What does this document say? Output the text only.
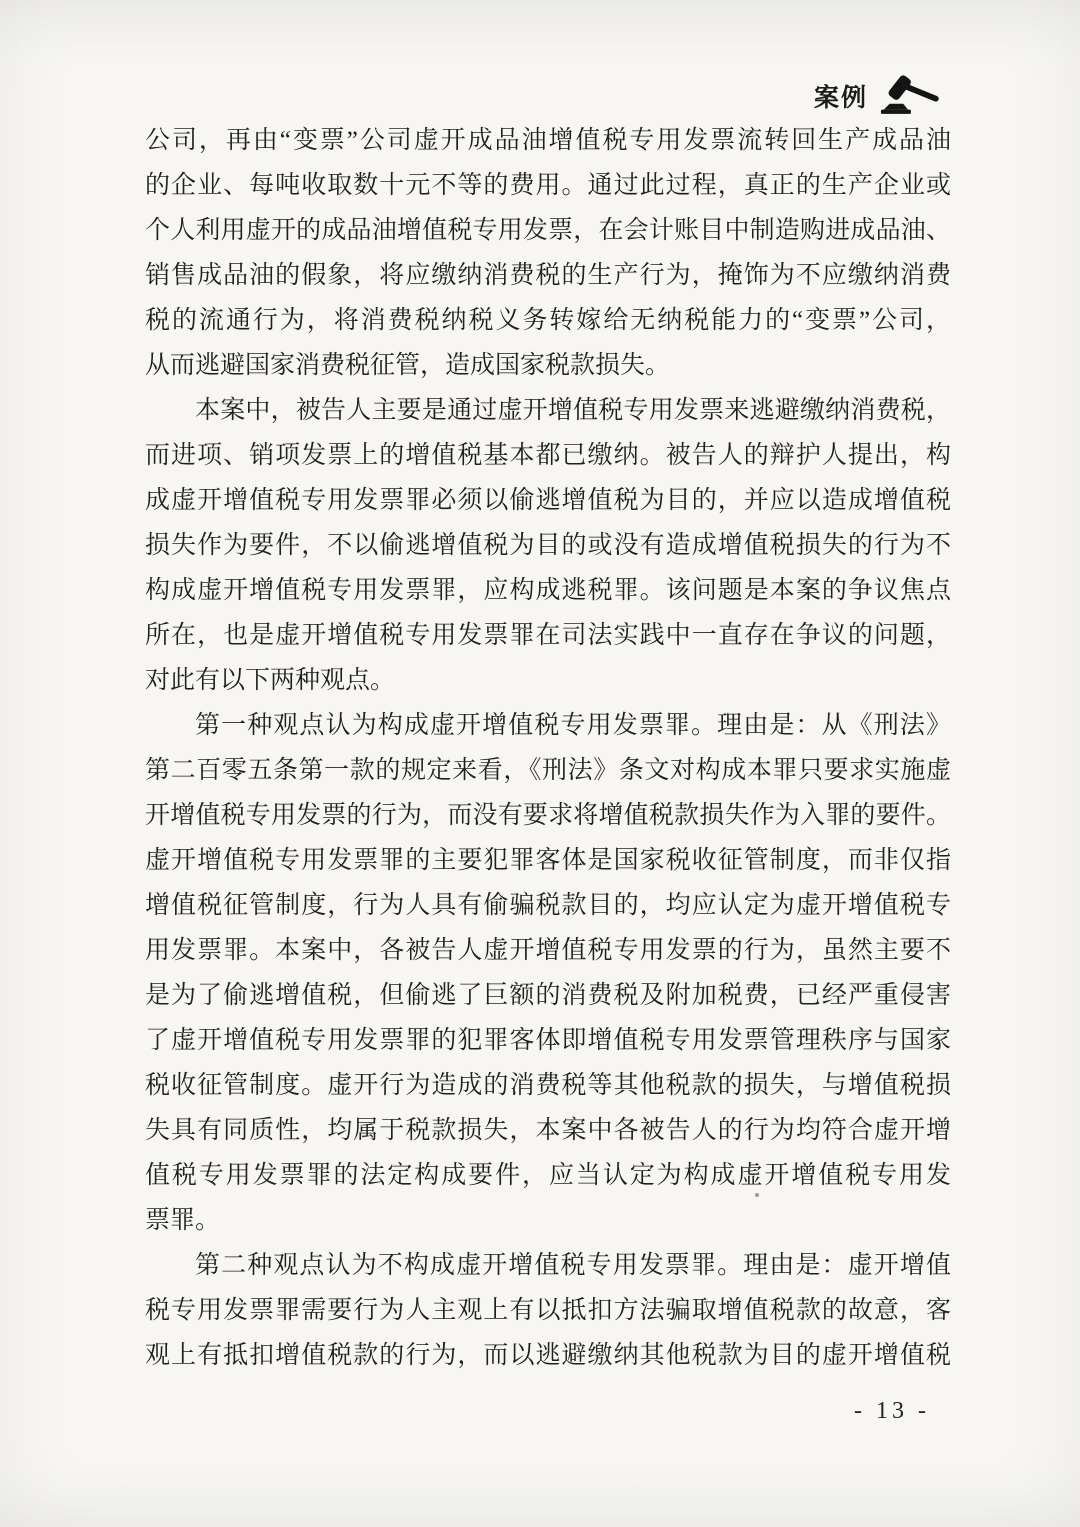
案例
公司，再由“变票”公司虚开成品油增值税专用发票流转回生产成品油
的企业、每吨收取数十元不等的费用。通过此过程，真正的生产企业或
个人利用虚开的成品油增值税专用发票，在会计账目中制造购进成品油、
销售成品油的假象，将应缴纳消费税的生产行为，掩饰为不应缴纳消费
税的流通行为，将消费税纳税义务转嫁给无纳税能力的“变票”公司，
从而逃避国家消费税征管，造成国家税款损失。
本案中，被告人主要是通过虚开增值税专用发票来逃避缴纳消费税，
而进项、销项发票上的增值税基本都已缴纳。被告人的辩护人提出，构
成虚开增值税专用发票罪必须以偷逃增值税为目的，并应以造成增值税
损失作为要件，不以偷逃增值税为目的或没有造成增值税损失的行为不
构成虚开增值税专用发票罪，应构成逃税罪。该问题是本案的争议焦点
所在，也是虚开增值税专用发票罪在司法实践中一直存在争议的问题，
对此有以下两种观点。
第一种观点认为构成虚开增值税专用发票罪。理由是：从《刑法》
第二百零五条第一款的规定来看，《刑法》条文对构成本罪只要求实施虚
开增值税专用发票的行为，而没有要求将增值税款损失作为入罪的要件。
虚开增值税专用发票罪的主要犯罪客体是国家税收征管制度，而非仅指
增值税征管制度，行为人具有偷骗税款目的，均应认定为虚开增值税专
用发票罪。本案中，各被告人虚开增值税专用发票的行为，虽然主要不
是为了偷逃增值税，但偷逃了巨额的消费税及附加税费，已经严重侵害
了虚开增值税专用发票罪的犯罪客体即增值税专用发票管理秩序与国家
税收征管制度。虚开行为造成的消费税等其他税款的损失，与增值税损
失具有同质性，均属于税款损失，本案中各被告人的行为均符合虚开增
值税专用发票罪的法定构成要件，应当认定为构成虚开增值税专用发
票罪。
第二种观点认为不构成虚开增值税专用发票罪。理由是：虚开增值
税专用发票罪需要行为人主观上有以抵扣方法骗取增值税款的故意，客
观上有抵扣增值税款的行为，而以逃避缴纳其他税款为目的虚开增值税
- 13 -
